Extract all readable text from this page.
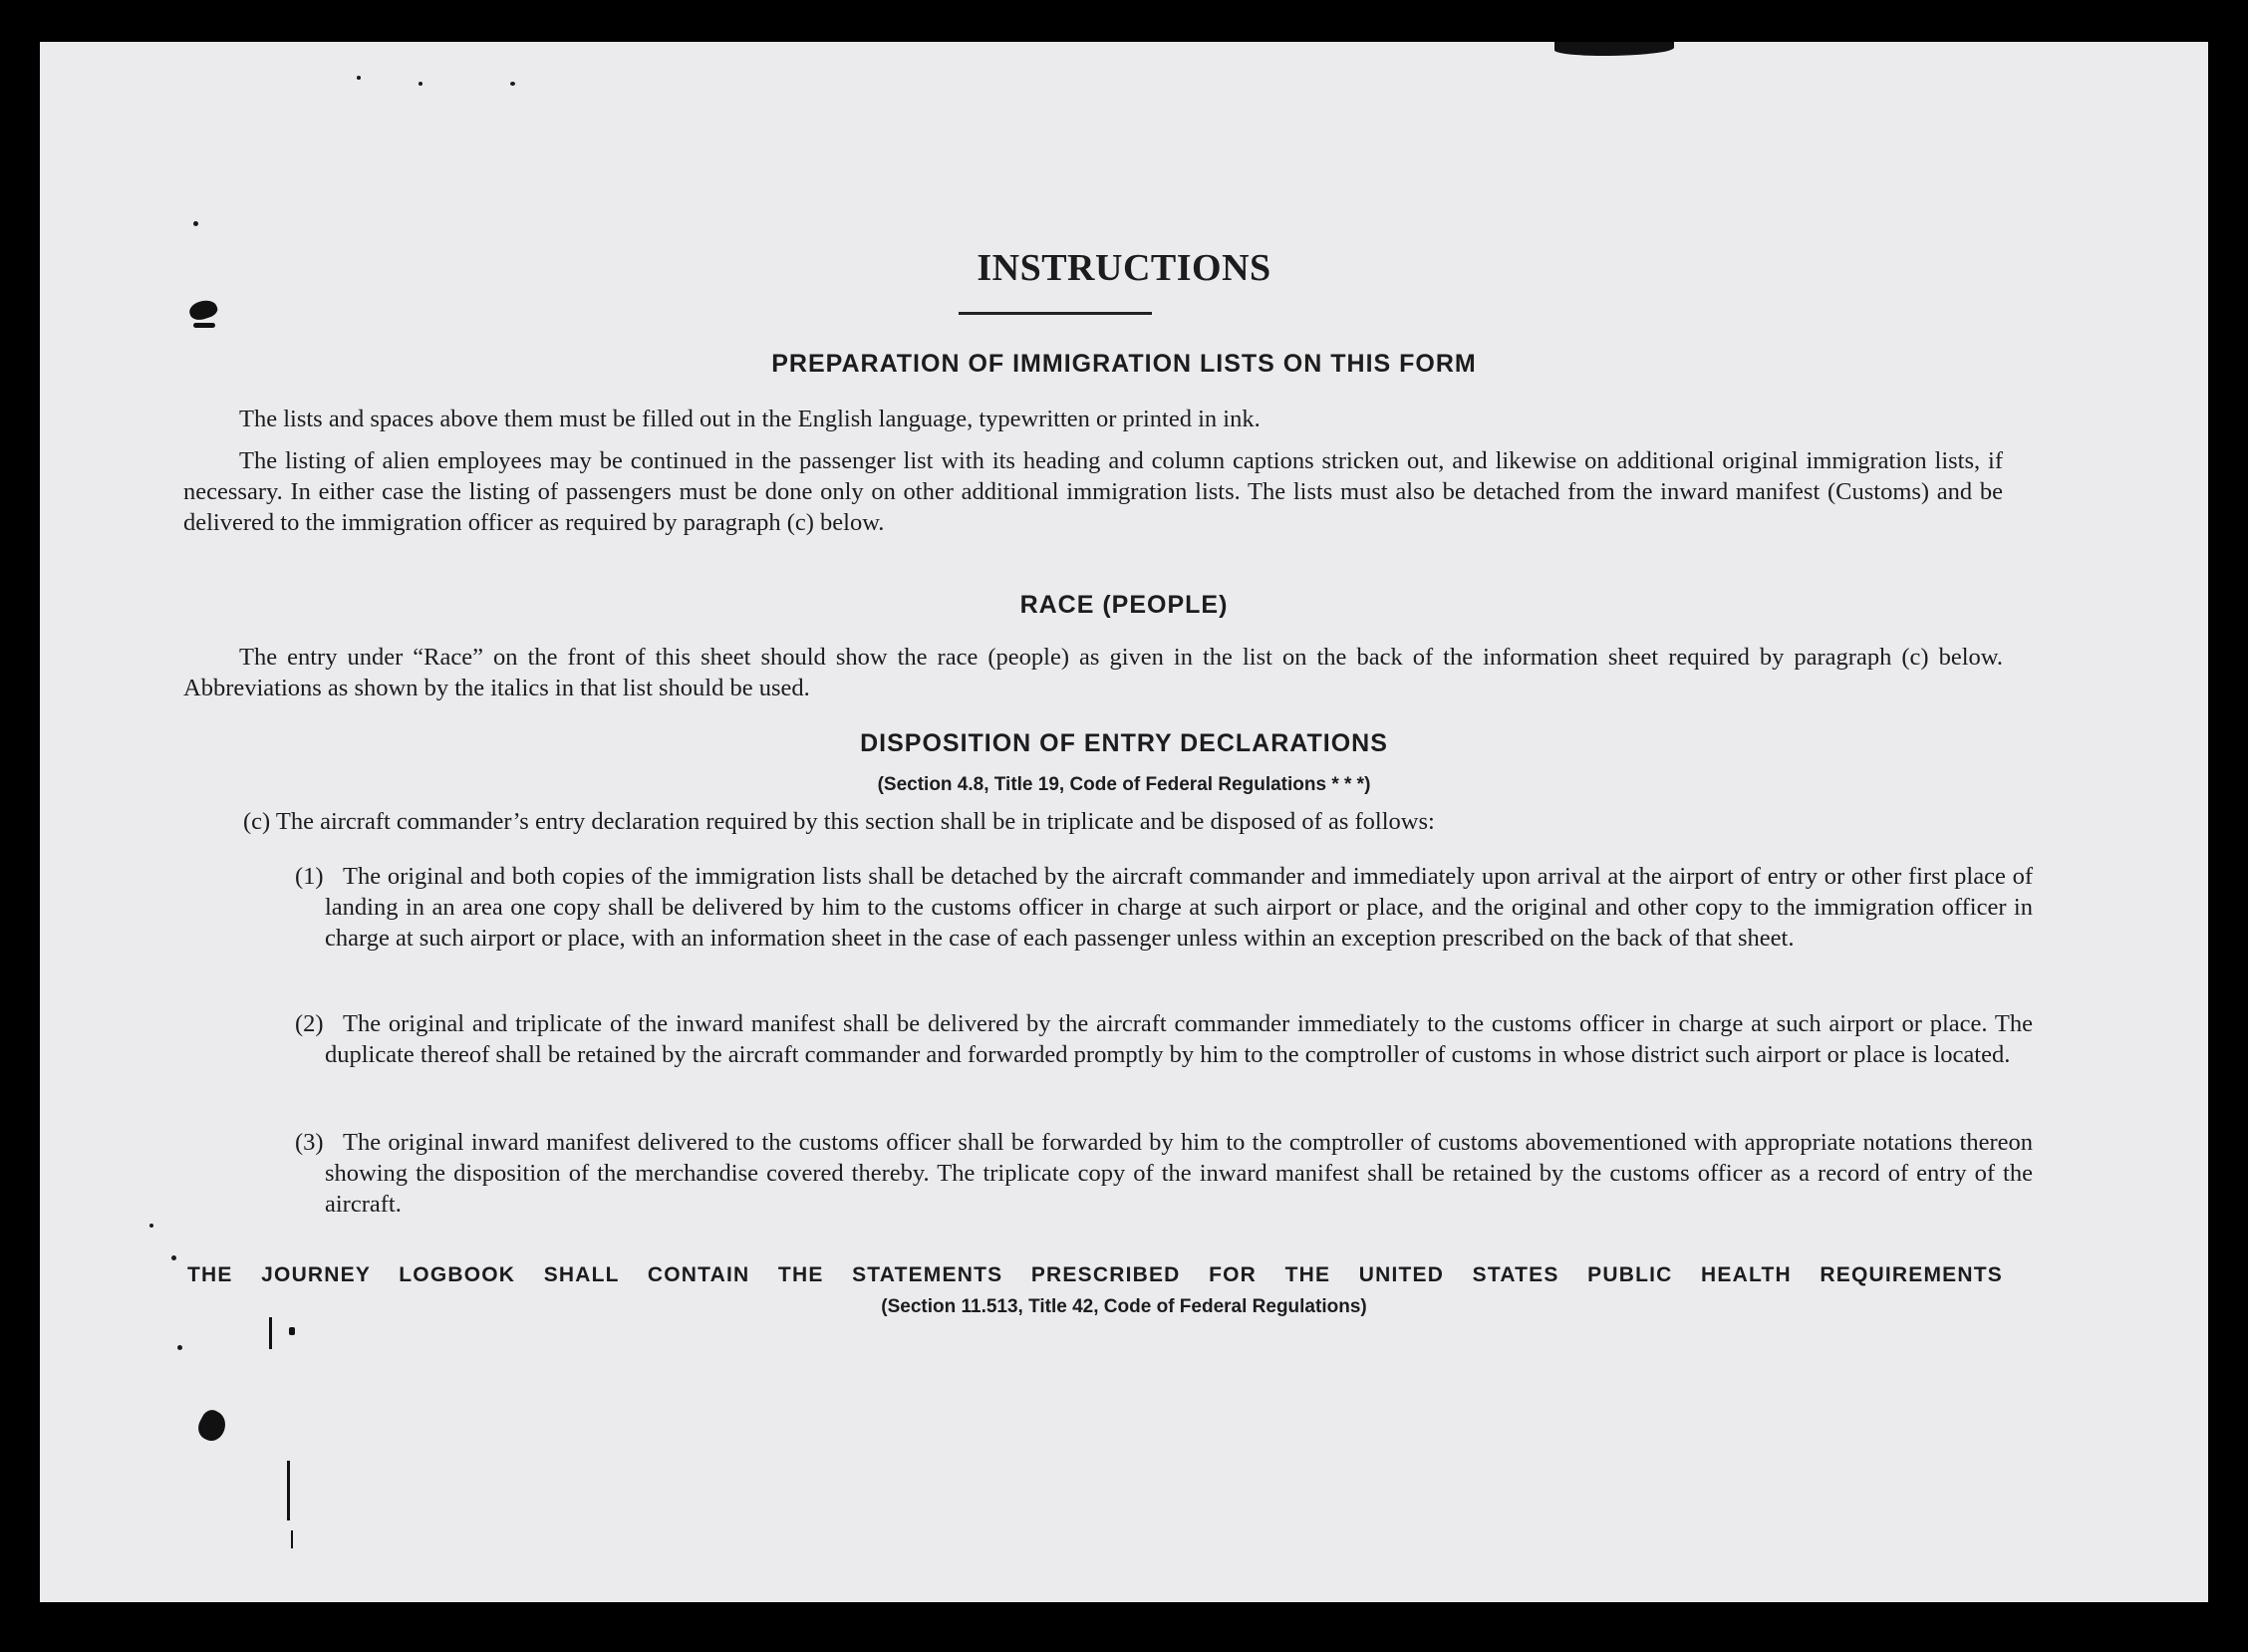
INSTRUCTIONS
PREPARATION OF IMMIGRATION LISTS ON THIS FORM

The lists and spaces above them must be filled out in the English language, typewritten or printed in ink.

The listing of alien employees may be continued in the passenger list with its heading and column captions stricken out, and likewise on additional original immigration lists, if necessary. In either case the listing of passengers must be done only on other additional immigration lists. The lists must also be detached from the inward manifest (Customs) and be delivered to the immigration officer as required by paragraph (c) below.

RACE (PEOPLE)

The entry under “Race” on the front of this sheet should show the race (people) as given in the list on the back of the information sheet required by paragraph (c) below. Abbreviations as shown by the italics in that list should be used.

DISPOSITION OF ENTRY DECLARATIONS
(Section 4.8, Title 19, Code of Federal Regulations * * *)

(c) The aircraft commander’s entry declaration required by this section shall be in triplicate and be disposed of as follows:

(1) The original and both copies of the immigration lists shall be detached by the aircraft commander and immediately upon arrival at the airport of entry or other first place of landing in an area one copy shall be delivered by him to the customs officer in charge at such airport or place, and the original and other copy to the immigration officer in charge at such airport or place, with an information sheet in the case of each passenger unless within an exception prescribed on the back of that sheet.

(2) The original and triplicate of the inward manifest shall be delivered by the aircraft commander immediately to the customs officer in charge at such airport or place. The duplicate thereof shall be retained by the aircraft commander and forwarded promptly by him to the comptroller of customs in whose district such airport or place is located.

(3) The original inward manifest delivered to the customs officer shall be forwarded by him to the comptroller of customs abovementioned with appropriate notations thereon showing the disposition of the merchandise covered thereby. The triplicate copy of the inward manifest shall be retained by the customs officer as a record of entry of the aircraft.

THE JOURNEY LOGBOOK SHALL CONTAIN THE STATEMENTS PRESCRIBED FOR THE UNITED STATES PUBLIC HEALTH REQUIREMENTS
(Section 11.513, Title 42, Code of Federal Regulations)
